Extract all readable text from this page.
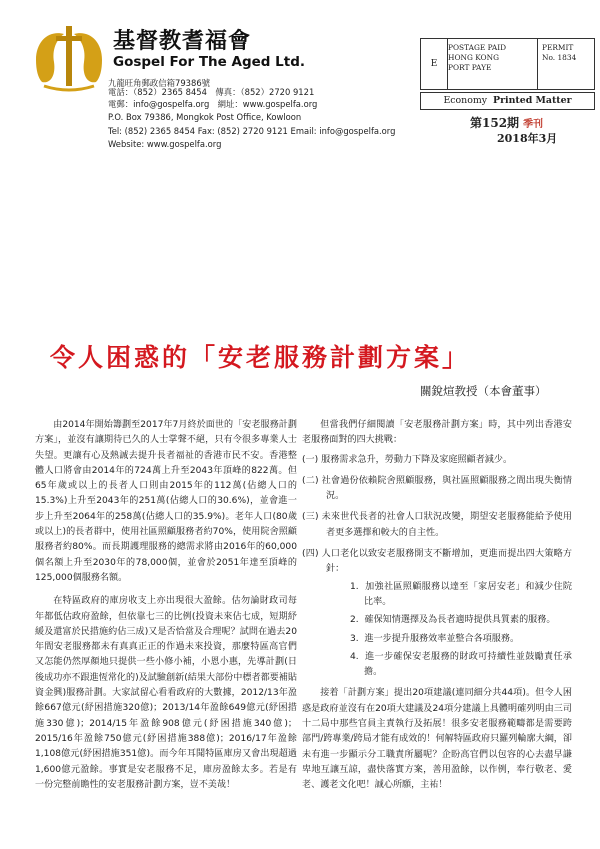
基督教耆福會
Gospel For The Aged Ltd.
九龍旺角郵政信箱79386號
電話：（852）2365 8454　傳真：（852）2720 9121
電郵：info@gospelfa.org　網址：www.gospelfa.org
P.O. Box 79386, Mongkok Post Office, Kowloon
Tel: (852) 2365 8454 Fax: (852) 2720 9121 Email: info@gospelfa.org
Website: www.gospelfa.org
E
POSTAGE PAID
HONG KONG
PORT PAYE
PERMIT
No. 1834
Economy Printed Matter
第152期 季刊
2018年3月
令人困惑的「安老服務計劃方案」
關銳煊教授（本會董事）

由2014年開始籌劃至2017年7月終於面世的「安老服務計劃方案」，並沒有讓期待已久的人士掌聲不絕，只有令很多專業人士失望。更讓有心及熱誠去提升長者福祉的香港市民不安。香港整體人口將會由2014年的724萬上升至2043年頂峰的822萬。但65年歲或以上的長者人口則由2015年的112萬(佔總人口的15.3%)上升至2043年的251萬(佔總人口的30.6%)，並會進一步上升至2064年的258萬(佔總人口的35.9%)。老年人口(80歲或以上)的長者群中，使用社區照顧服務者約70%，使用院舍照顧服務者約80%。而長期護理服務的總需求將由2016年的60,000個名額上升至2030年的78,000個，並會於2051年達至頂峰的125,000個服務名額。

在特區政府的庫房收支上亦出現很大盈餘。估勿論財政司每年都低估政府盈餘，但依靠七三的比例(投資未來佔七成，短期紓緩及還富於民措施約佔三成)又是否恰當及合理呢？試問在過去20年間安老服務都未有真真正正的作過未來投資，那麼特區高官們又怎能仍然厚顏地只提供一些小修小補，小恩小惠，先導計劃(日後成功亦不跟進恆常化的)及試驗創新(結果大部份中標者都要補貼資金興)服務計劃。大家試留心看看政府的大數據，2012/13年盈餘667億元(紓困措施320億)；2013/14年盈餘649億元(紓困措施330億)；2014/15年盈餘908億元(紓困措施340億)；2015/16年盈餘750億元(紓困措施388億)；2016/17年盈餘1,108億元(紓困措施351億)。而今年耳聞特區庫房又會出現超過1,600億元盈餘。事實是安老服務不足，庫房盈餘太多。若是有一份完整前瞻性的安老服務計劃方案，豈不美哉！

但當我們仔細閱讀「安老服務計劃方案」時，其中列出香港安老服務面對的四大挑戰：

(一) 服務需求急升，勞動力下降及家庭照顧者減少。
(二) 社會過份依賴院舍照顧服務，與社區照顧服務之間出現失衡情況。
(三) 未來世代長者的社會人口狀況改變，期望安老服務能給予使用者更多選擇和較大的自主性。
(四) 人口老化以致安老服務開支不斷增加，更進而提出四大策略方針：
1. 加強社區照顧服務以達至「家居安老」和減少住院比率。
2. 確保知情選擇及為長者適時提供具質素的服務。
3. 進一步提升服務效率並整合各項服務。
4. 進一步確保安老服務的財政可持續性並鼓勵責任承擔。

接着「計劃方案」提出20項建議(連同細分共44項)。但令人困惑是政府並沒有在20項大建議及24項分建議上具體明確列明由三司十二局中那些官員主責執行及拓展！很多安老服務範疇都是需要跨部門/跨專業/跨局才能有成效的！何解特區政府只羅列輪廓大綱，卻未有進一步顯示分工職責所屬呢？企盼高官們以包容的心去盡早謙卑地互讓互諒，盡快落實方案，善用盈餘，以作例，奉行敬老、愛老、護老文化吧！誠心所願，主祐！
